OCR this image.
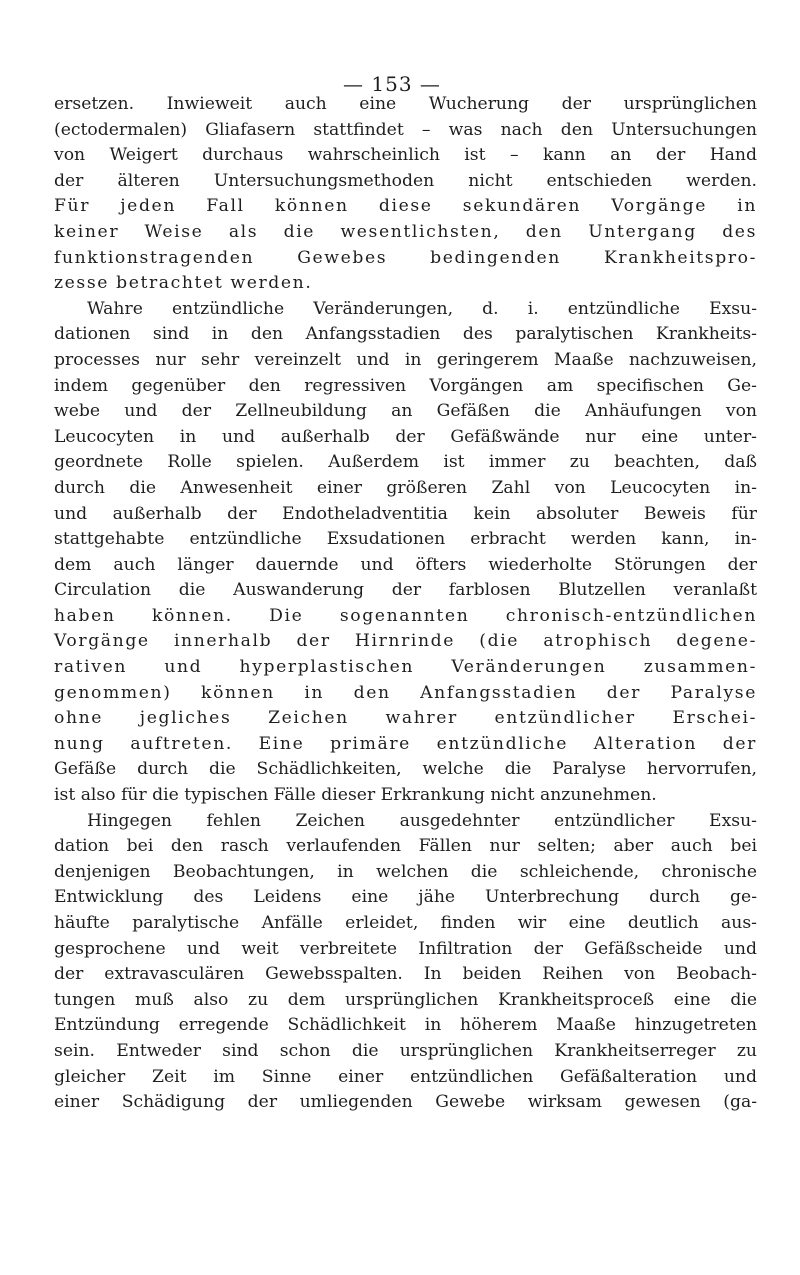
— 153 —
ersetzen. Inwieweit auch eine Wucherung der ursprünglichen
(ectodermalen) Gliafasern stattfindet – was nach den Untersuchungen
von Weigert durchaus wahrscheinlich ist – kann an der Hand
der älteren Untersuchungsmethoden nicht entschieden werden.
Für jeden Fall können diese sekundären Vorgänge in
keiner Weise als die wesentlichsten, den Untergang des
funktionstragenden Gewebes bedingenden Krankheitspro-
zesse betrachtet werden.
Wahre entzündliche Veränderungen, d. i. entzündliche Exsu-
dationen sind in den Anfangsstadien des paralytischen Krankheits-
processes nur sehr vereinzelt und in geringerem Maaße nachzuweisen,
indem gegenüber den regressiven Vorgängen am specifischen Ge-
webe und der Zellneubildung an Gefäßen die Anhäufungen von
Leucocyten in und außerhalb der Gefäßwände nur eine unter-
geordnete Rolle spielen. Außerdem ist immer zu beachten, daß
durch die Anwesenheit einer größeren Zahl von Leucocyten in-
und außerhalb der Endotheladventitia kein absoluter Beweis für
stattgehabte entzündliche Exsudationen erbracht werden kann, in-
dem auch länger dauernde und öfters wiederholte Störungen der
Circulation die Auswanderung der farblosen Blutzellen veranlaßt
haben können. Die sogenannten chronisch-entzündlichen
Vorgänge innerhalb der Hirnrinde (die atrophisch degene-
rativen und hyperplastischen Veränderungen zusammen-
genommen) können in den Anfangsstadien der Paralyse
ohne jegliches Zeichen wahrer entzündlicher Erschei-
nung auftreten. Eine primäre entzündliche Alteration der
Gefäße durch die Schädlichkeiten, welche die Paralyse hervorrufen,
ist also für die typischen Fälle dieser Erkrankung nicht anzunehmen.
Hingegen fehlen Zeichen ausgedehnter entzündlicher Exsu-
dation bei den rasch verlaufenden Fällen nur selten; aber auch bei
denjenigen Beobachtungen, in welchen die schleichende, chronische
Entwicklung des Leidens eine jähe Unterbrechung durch ge-
häufte paralytische Anfälle erleidet, finden wir eine deutlich aus-
gesprochene und weit verbreitete Infiltration der Gefäßscheide und
der extravasculären Gewebsspalten. In beiden Reihen von Beobach-
tungen muß also zu dem ursprünglichen Krankheitsproceß eine die
Entzündung erregende Schädlichkeit in höherem Maaße hinzugetreten
sein. Entweder sind schon die ursprünglichen Krankheitserreger zu
gleicher Zeit im Sinne einer entzündlichen Gefäßalteration und
einer Schädigung der umliegenden Gewebe wirksam gewesen (ga-
